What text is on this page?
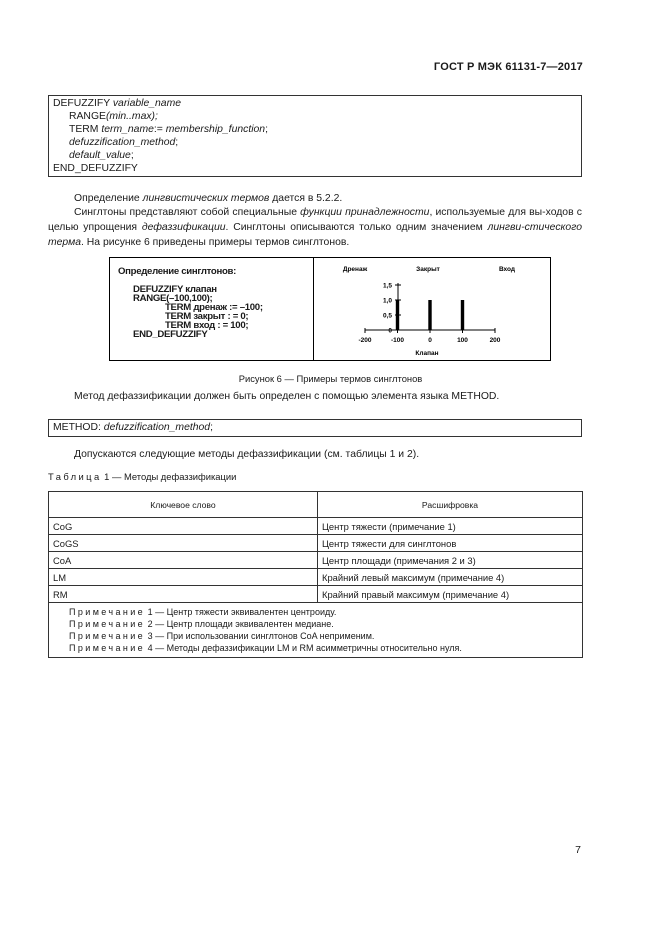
ГОСТ Р МЭК 61131-7—2017
DEFUZZIFY variable_name
RANGE(min..max);
TERM term_name:= membership_function;
defuzzification_method;
default_value;
END_DEFUZZIFY
Определение лингвистических термов дается в 5.2.2.
Синглтоны представляют собой специальные функции принадлежности, используемые для вы-ходов с целью упрощения дефаззификации. Синглтоны описываются только одним значением лингви-стического терма. На рисунке 6 приведены примеры термов синглтонов.
Определение синглтонов:
DEFUZZIFY клапан
RANGE(–100,100);
TERM дренаж := –100;
TERM закрыт : = 0;
TERM вход : = 100;
END_DEFUZZIFY	0
0,5
1,0
1,5
-200	-100	0	100	200
Дренаж	Закрыт	Вход
Клапан
Рисунок 6 — Примеры термов синглтонов
Метод дефаззификации должен быть определен с помощью элемента языка METHOD.
METHOD: defuzzification_method;
Допускаются следующие методы дефаззификации (см. таблицы 1 и 2).
Таблица 1 — Методы дефаззификации
Ключевое слово	Расшифровка
CoG	Центр тяжести (примечание 1)
CoGS	Центр тяжести для синглтонов
CoA	Центр площади (примечания 2 и 3)
LM	Крайний левый максимум (примечание 4)
RM	Крайний правый максимум (примечание 4)

Примечание 1 — Центр тяжести эквивалентен центроиду.
Примечание 2 — Центр площади эквивалентен медиане.
Примечание 3 — При использовании синглтонов CoA неприменим.
Примечание 4 — Методы дефаззификации LM и RM асимметричны относительно нуля.	
7
